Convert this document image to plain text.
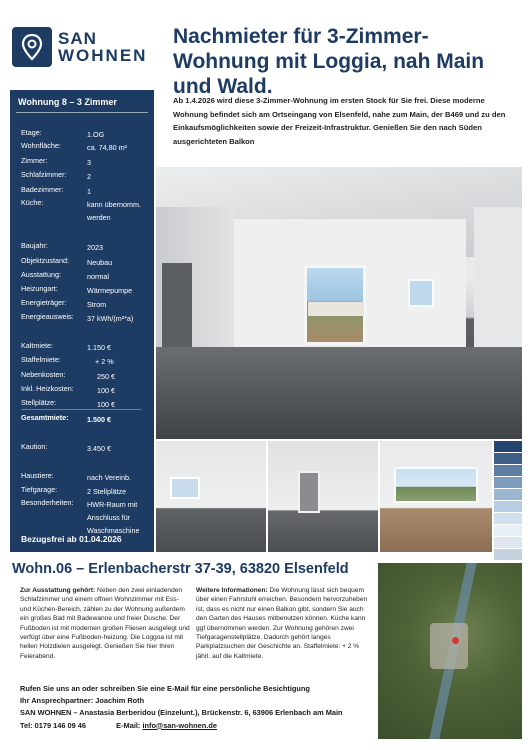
SAN
WOHNEN
Nachmieter für 3-Zimmer-Wohnung mit Loggia, nah Main und Wald.
Wohnung 8 – 3 Zimmer
Etage:	1.OG
Wohnfläche:	ca. 74,80 m²
Zimmer:	3
Schlafzimmer:	2
Badezimmer:	1
Küche:	kann übernomm. werden
Baujahr:	2023
Objektzustand:	Neubau
Ausstattung:	normal
Heizungart:	Wärmepumpe
Energieträger:	Strom
Energieausweis: 37 kWh/(m²*a)
Kaltmiete:	1.150 €
Staffelmiete:	+ 2 %
Nebenkosten:	250 €
Inkl. Heizkosten:	100 €
Stellplätze:	100 €
Gesamtmiete:	1.500 €
Kaution:	3.450 €
Haustiere:	nach Vereinb.
Tiefgarage:	2 Stellplätze
Besonderheiten: HWR-Raum mit Anschluss für Waschmaschine
Bezugsfrei ab 01.04.2026
Ab 1.4.2026 wird diese 3-Zimmer-Wohnung im ersten Stock für Sie frei. Diese moderne Wohnung befindet sich am Ortseingang von Elsenfeld, nahe zum Main, der B469 und zu den Einkaufsmöglichkeiten sowie der Freizeit-Infrastruktur. Genießen Sie den nach Süden ausgerichteten Balkon
Wohn.06 – Erlenbacherstr 37-39, 63820 Elsenfeld
Zur Ausstattung gehört: Neben den zwei einladenden Schlafzimmer und einem offnen Wohnzimmer mit Ess- und Küchen-Bereich, zählen zu der Wohnung außerdem ein großes Bad mit Badewanne und freier Dusche. Der Fußboden ist mit modernen großen Fliesen ausgelegt und verfügt über eine Fußboden-heizung. Die Loggoa ist mit hellen Holzdielen ausgelegt. Genießen Sie hier Ihren Feierabend.
Weitere Informationen: Die Wohnung lässt sich bequem über einen Fahrstuhl erreichen. Besondern hervorzuheben ist, dass es nicht nur einen Balkon gibt, sondern Sie auch den Garten des Hauses mitbenutzen können. Küche kann ggf übernommen werden. Zur Wohnung gehören zwei Tiefgaragenstellplätze. Dadurch gehört langes Parkplatzsuchen der Geschichte an. Staffelmiete: + 2 % jährl. auf die Kaltmiete.
Rufen Sie uns an oder schreiben Sie eine E-Mail für eine persönliche Besichtigung
Ihr Ansprechpartner: Joachim Roth
SAN WOHNEN – Anastasia Berberidou (Einzelunt.), Brückenstr. 6, 63906 Erlenbach am Main
Tel: 0179 146 09 46	E-Mail: info@san-wohnen.de
